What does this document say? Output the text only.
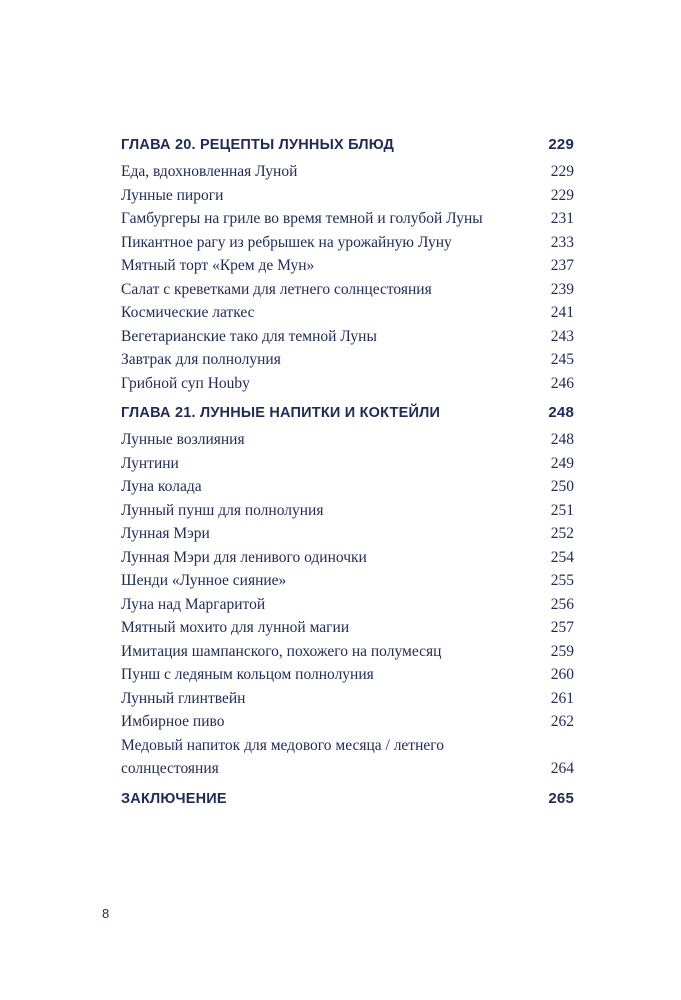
ГЛАВА 20. РЕЦЕПТЫ ЛУННЫХ БЛЮД	229
Еда, вдохновленная Луной	229
Лунные пироги	229
Гамбургеры на гриле во время темной и голубой Луны	231
Пикантное рагу из ребрышек на урожайную Луну	233
Мятный торт «Крем де Мун»	237
Салат с креветками для летнего солнцестояния	239
Космические латкес	241
Вегетарианские тако для темной Луны	243
Завтрак для полнолуния	245
Грибной суп Houby	246
ГЛАВА 21. ЛУННЫЕ НАПИТКИ И КОКТЕЙЛИ	248
Лунные возлияния	248
Лунтини	249
Луна колада	250
Лунный пунш для полнолуния	251
Лунная Мэри	252
Лунная Мэри для ленивого одиночки	254
Шенди «Лунное сияние»	255
Луна над Маргаритой	256
Мятный мохито для лунной магии	257
Имитация шампанского, похожего на полумесяц	259
Пунш с ледяным кольцом полнолуния	260
Лунный глинтвейн	261
Имбирное пиво	262
Медовый напиток для медового месяца / летнего
солнцестояния	264
ЗАКЛЮЧЕНИЕ	265
8
